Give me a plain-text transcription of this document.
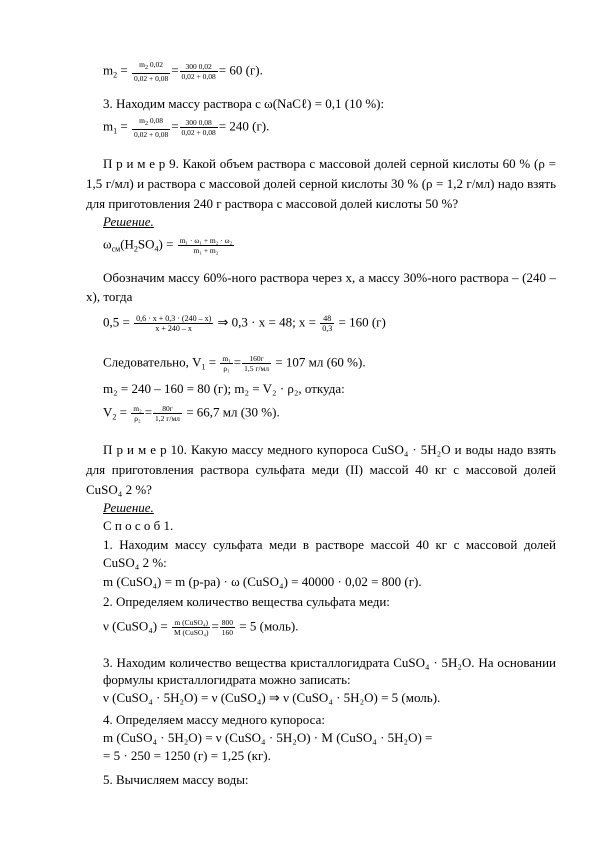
$m_2 = \frac{m_2 0,02}{0,02 + 0,08} = \frac{300 0,02}{0,02 + 0,08} = 60$ (г).
3. Находим массу раствора с ω(NaCℓ) = 0,1 (10 %):
$m_1 = \frac{m_2 0,08}{0,02 + 0,08} = \frac{300 0,08}{0,02 + 0,08} = 240$ (г).
П р и м е р 9. Какой объем раствора с массовой долей серной кислоты 60 % (ρ = 1,5 г/мл) и раствора с массовой долей серной кислоты 30 % (ρ = 1,2 г/мл) надо взять для приготовления 240 г раствора с массовой долей кислоты 50 %?
Решение.
$\omega_{см}(H_2SO_4) = \frac{\text{m₁ · ω₁ + m₂ · ω₂}}{\text{m₁ + m₂}}$
Обозначим массу 60%-ного раствора через x, а массу 30%-ного раствора – (240 – x), тогда
$0,5 = \frac{0,6 \cdot x + 0,3 \cdot (240 - x)}{x + 240 - x}$ ⇒ 0,3 · x = 48; $x = \frac{48}{0,3} = 160$ (г)
Следовательно, $V_1 = \frac{\text{m₁}}{\text{ρ₁}} = \frac{160г}{1,5 г/мл} = 107$ мл (60 %).
m₂ = 240 – 160 = 80 (г); m₂ = V₂ · ρ₂, откуда:
$V_2 = \frac{\text{m₂}}{\text{ρ₂}} = \frac{80г}{1,2 г/мл} = 66,7$ мл (30 %).
П р и м е р 10. Какую массу медного купороса CuSO₄ · 5H₂O и воды надо взять для приготовления раствора сульфата меди (II) массой 40 кг с массовой долей CuSO₄ 2 %?
Решение.
С п о с о б 1.
1. Находим массу сульфата меди в растворе массой 40 кг с массовой долей CuSO₄ 2 %:
m (CuSO₄) = m (р-ра) · ω (CuSO₄) = 40000 · 0,02 = 800 (г).
2. Определяем количество вещества сульфата меди:
ν (CuSO₄) = $\frac{\text{m (CuSO₄)}}{\text{M (CuSO₄)}} = \frac{800}{160} = 5$ (моль).
3. Находим количество вещества кристаллогидрата CuSO₄ · 5H₂O. На основании формулы кристаллогидрата можно записать:
ν (CuSO₄ · 5H₂O) = ν (CuSO₄) ⇒ ν (CuSO₄ · 5H₂O) = 5 (моль).
4. Определяем массу медного купороса:
m (CuSO₄ · 5H₂O) = ν (CuSO₄ · 5H₂O) · M (CuSO₄ · 5H₂O) =
= 5 · 250 = 1250 (г) = 1,25 (кг).
5. Вычисляем массу воды:
